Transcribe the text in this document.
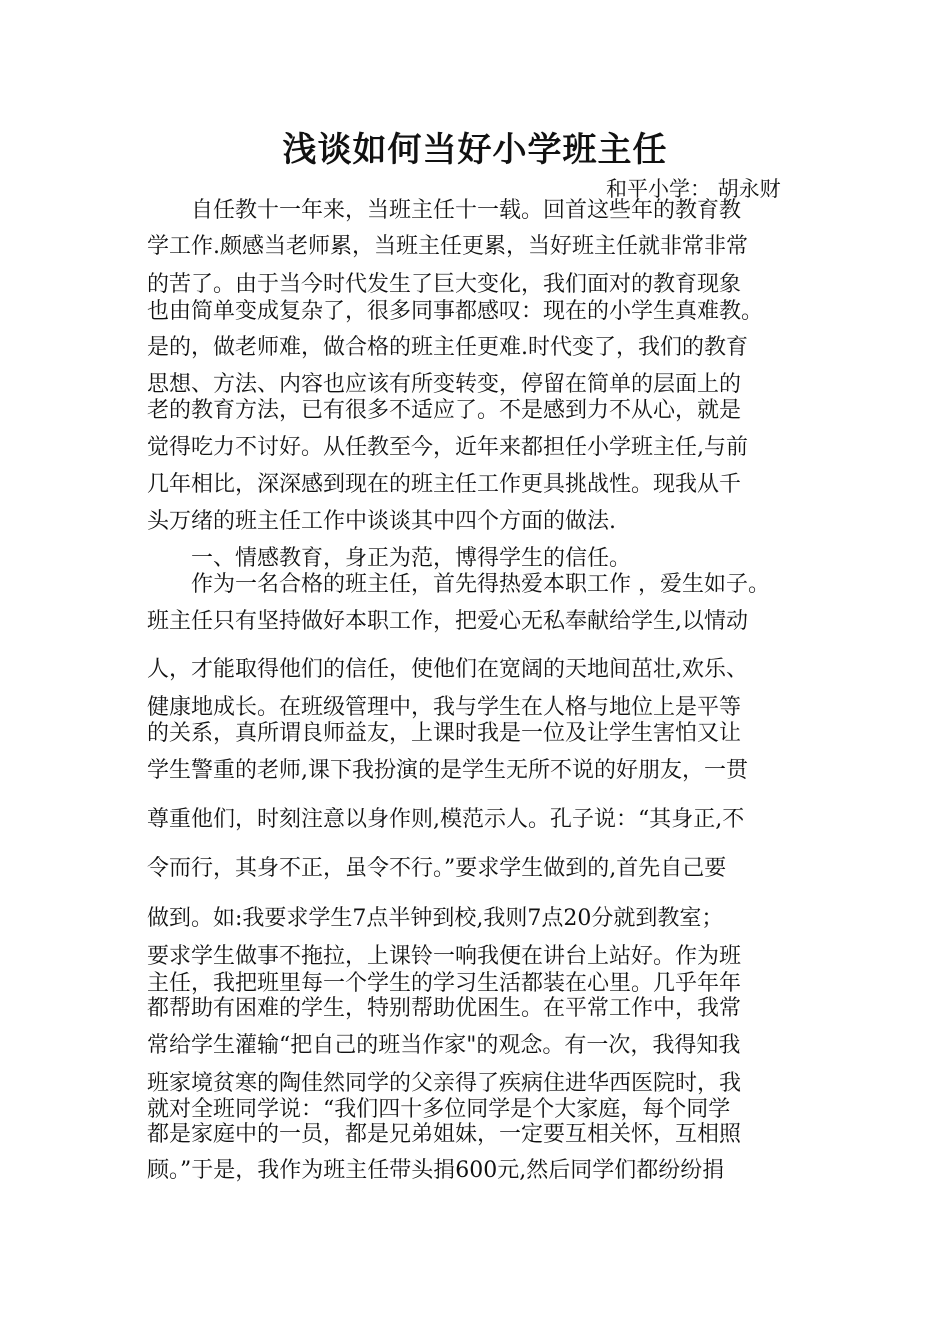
浅谈如何当好小学班主任
和平小学： 胡永财
自任教十一年来，当班主任十一载。回首这些年的教育教
学工作.颇感当老师累，当班主任更累，当好班主任就非常非常
的苦了。由于当今时代发生了巨大变化，我们面对的教育现象
也由简单变成复杂了，很多同事都感叹：现在的小学生真难教。
是的，做老师难，做合格的班主任更难.时代变了，我们的教育
思想、方法、内容也应该有所变转变，停留在简单的层面上的
老的教育方法，已有很多不适应了。不是感到力不从心，就是
觉得吃力不讨好。从任教至今，近年来都担任小学班主任,与前
几年相比，深深感到现在的班主任工作更具挑战性。现我从千
头万绪的班主任工作中谈谈其中四个方面的做法.
一、情感教育，身正为范，博得学生的信任。
作为一名合格的班主任，首先得热爱本职工作 ，爱生如子。
班主任只有坚持做好本职工作，把爱心无私奉献给学生,以情动
人，才能取得他们的信任，使他们在宽阔的天地间茁壮,欢乐、
健康地成长。在班级管理中，我与学生在人格与地位上是平等
的关系，真所谓良师益友，上课时我是一位及让学生害怕又让
学生警重的老师,课下我扮演的是学生无所不说的好朋友，一贯
尊重他们，时刻注意以身作则,模范示人。孔子说：“其身正,不
令而行，其身不正，虽令不行。”要求学生做到的,首先自己要
做到。如:我要求学生7点半钟到校,我则7点20分就到教室；
要求学生做事不拖拉，上课铃一响我便在讲台上站好。作为班
主任，我把班里每一个学生的学习生活都装在心里。几乎年年
都帮助有困难的学生，特别帮助优困生。在平常工作中，我常
常给学生灌输“把自己的班当作家"的观念。有一次，我得知我
班家境贫寒的陶佳然同学的父亲得了疾病住进华西医院时，我
就对全班同学说：“我们四十多位同学是个大家庭，每个同学
都是家庭中的一员，都是兄弟姐妹，一定要互相关怀，互相照
顾。”于是，我作为班主任带头捐600元,然后同学们都纷纷捐
